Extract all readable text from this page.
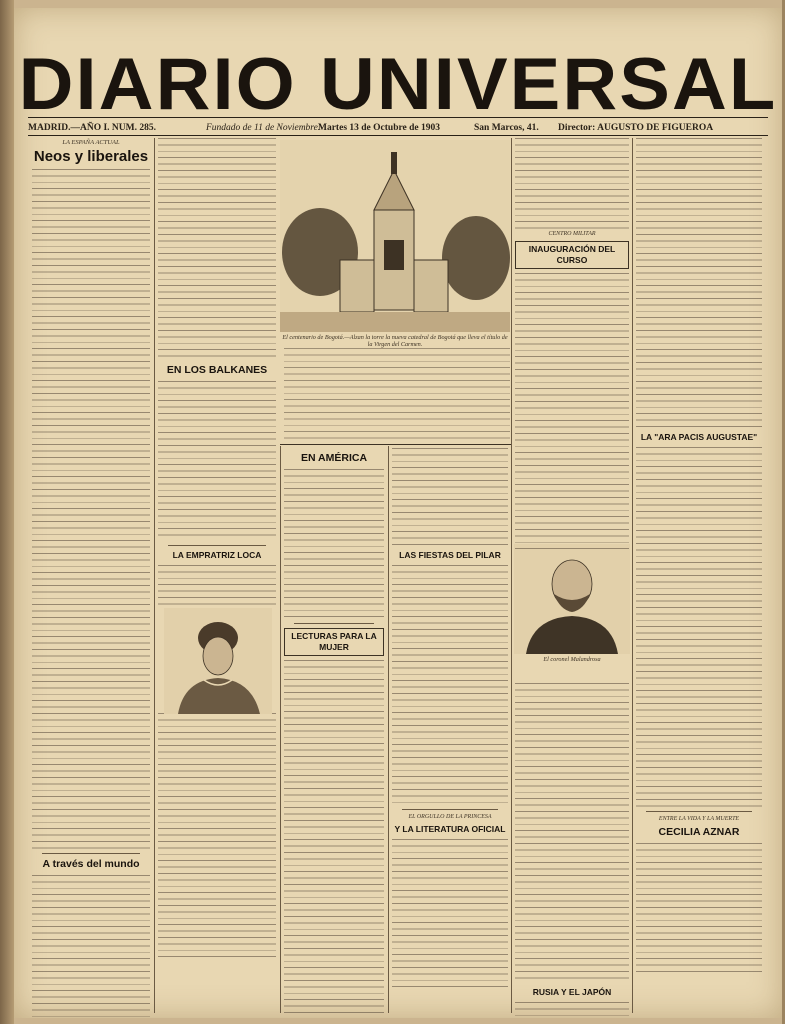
DIARIO UNIVERSAL
MADRID.—AÑO I. NUM. 285.	Fundado de 11 de Noviembre.
Martes 13 de Octubre de 1903	San Marcos, 41. Director: AUGUSTO DE FIGUEROA
LA ESPAÑA ACTUAL
Neos y liberales
A través del mundo
EN LOS BALKANES
LA EMPRATRIZ LOCA
El centenario de Bogotá.—Alzan la torre la nueva catedral de Bogotá que lleva el título de la Virgen del Carmen.
EN AMÉRICA
LECTURAS PARA LA MUJER
LAS FIESTAS DEL PILAR
EL ORGULLO DE LA PRINCESA
Y LA LITERATURA OFICIAL
El coronel Malandrosa
CENTRO MILITAR
INAUGURACIÓN DEL CURSO
RUSIA Y EL JAPÓN
LA "ARA PACIS AUGUSTAE"
ENTRE LA VIDA Y LA MUERTE
CECILIA AZNAR
